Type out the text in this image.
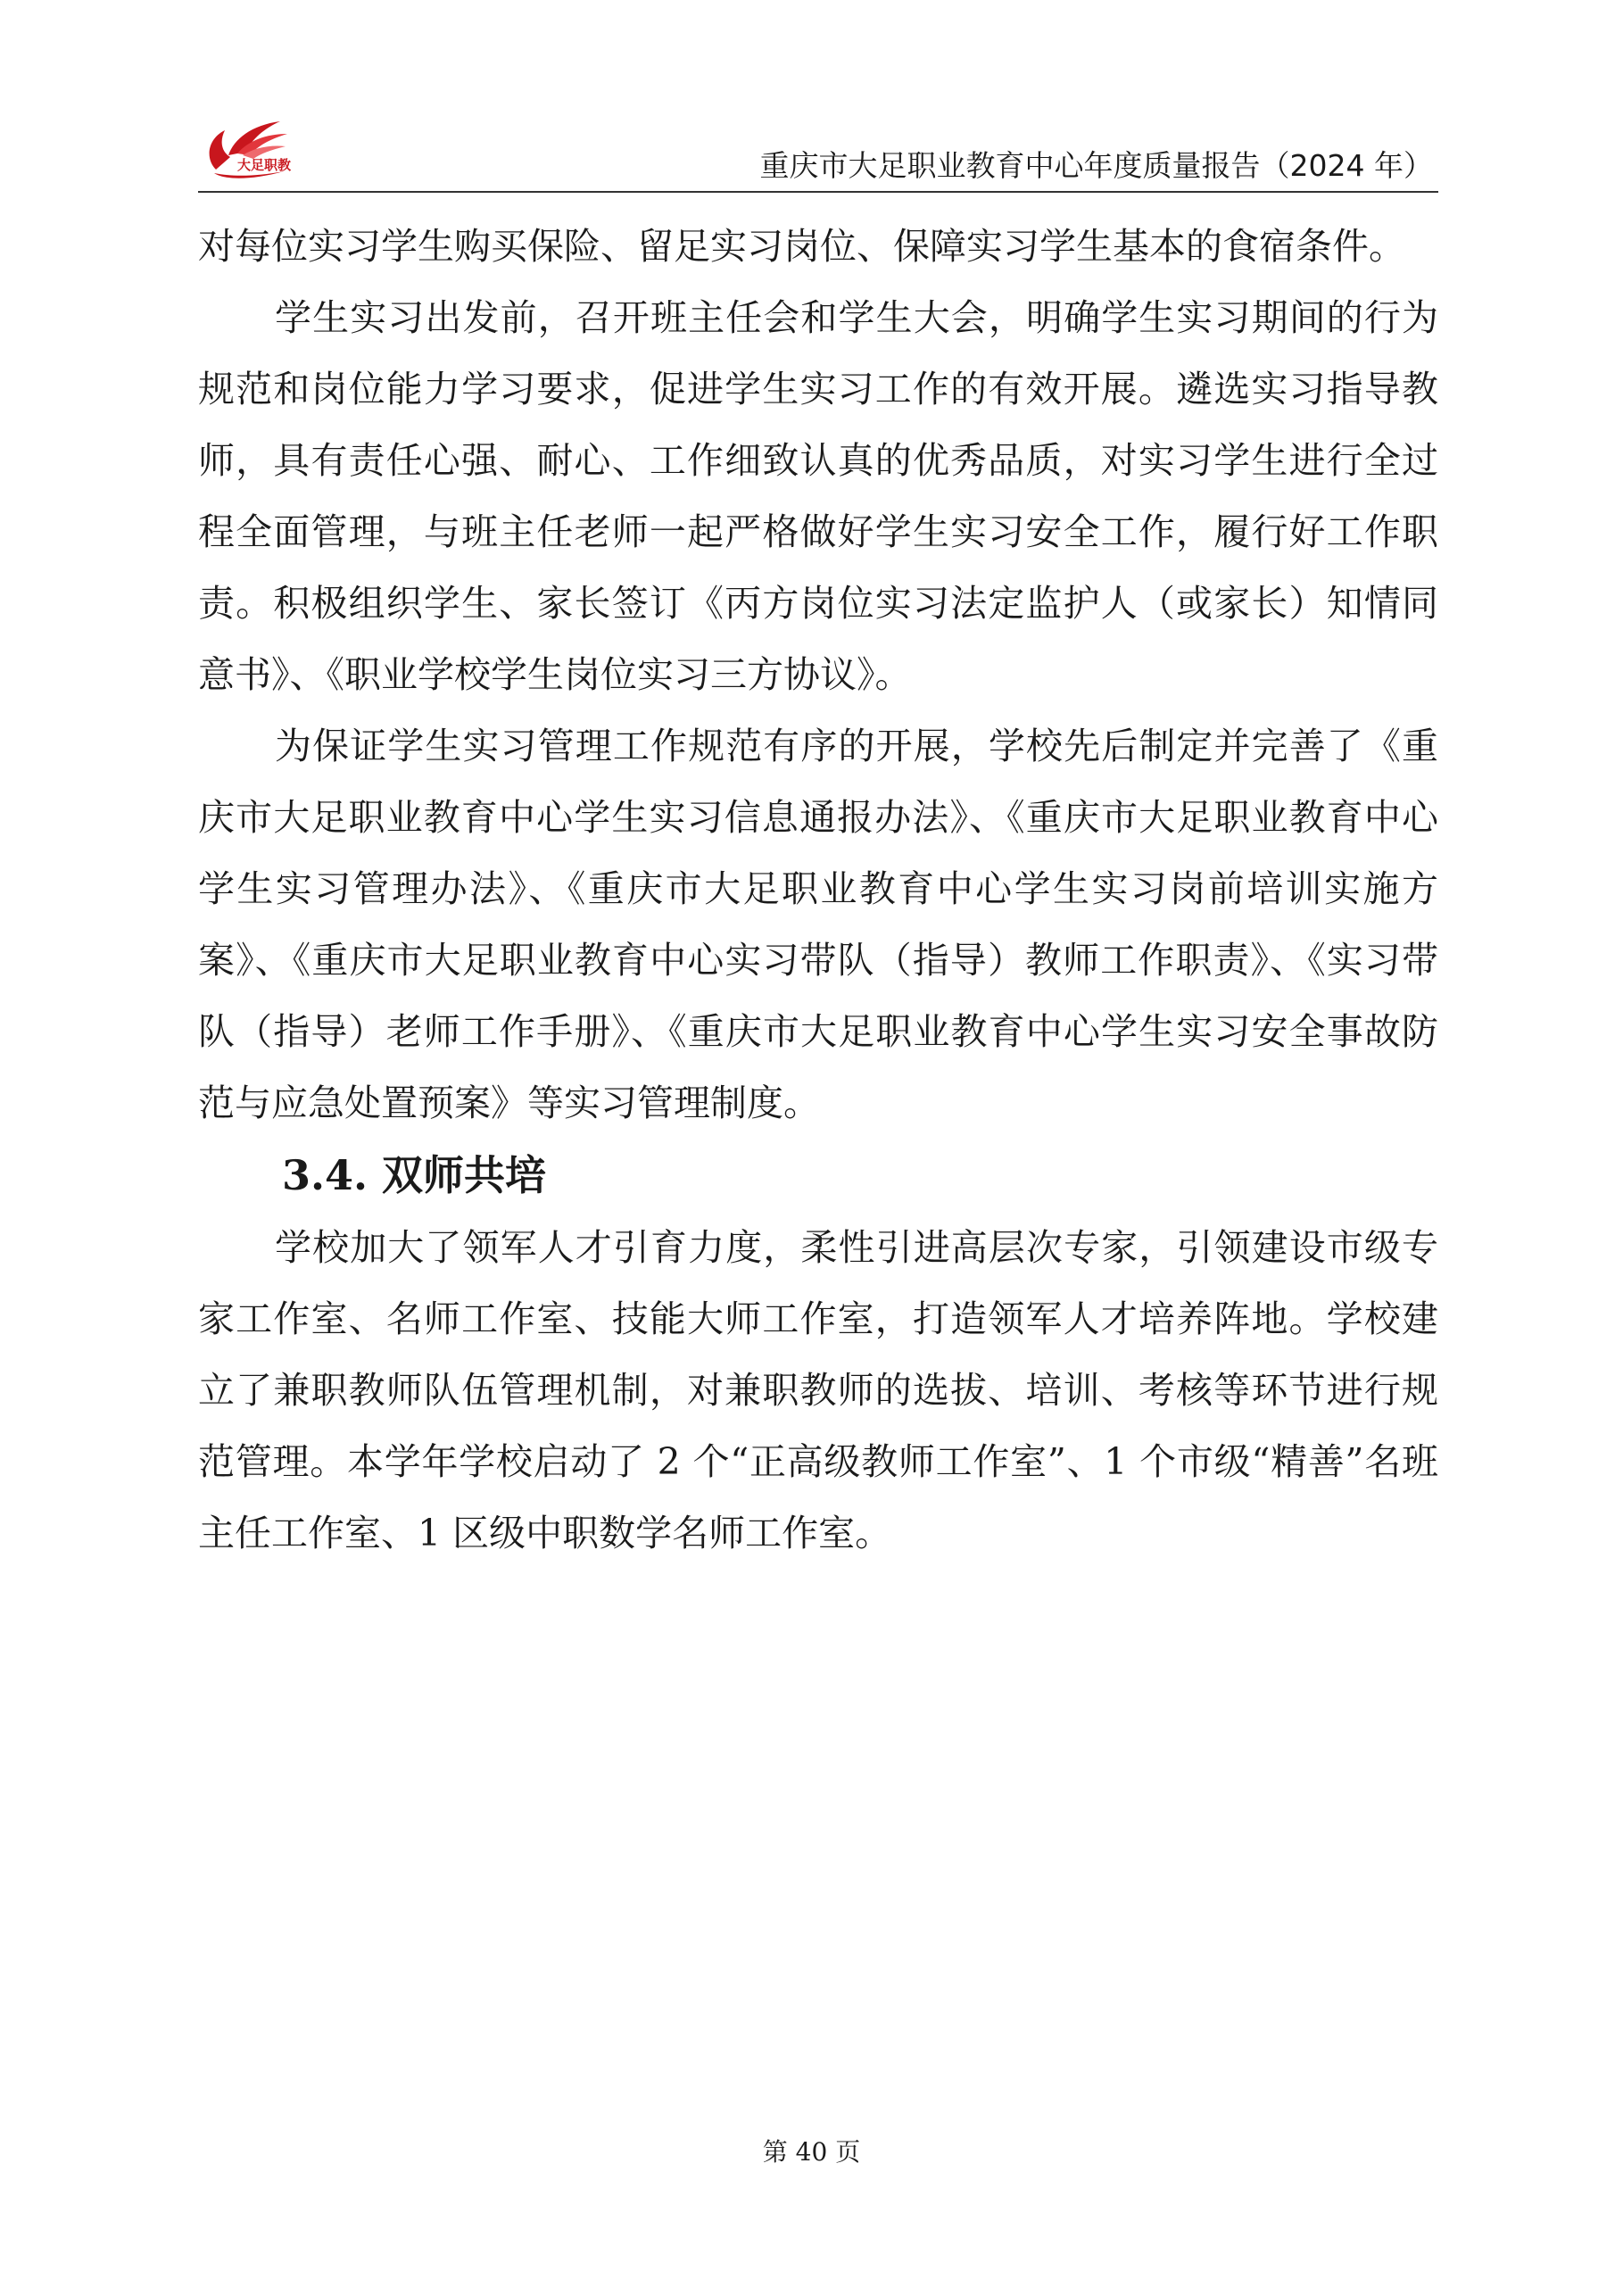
大足职教	重庆市大足职业教育中心年度质量报告（2024 年）

对每位实习学生购买保险、留足实习岗位、保障实习学生基本的食宿条件。

学生实习出发前，召开班主任会和学生大会，明确学生实习期间的行为规范和岗位能力学习要求，促进学生实习工作的有效开展。遴选实习指导教师，具有责任心强、耐心、工作细致认真的优秀品质，对实习学生进行全过程全面管理，与班主任老师一起严格做好学生实习安全工作，履行好工作职责。积极组织学生、家长签订《丙方岗位实习法定监护人（或家长）知情同意书》、《职业学校学生岗位实习三方协议》。

为保证学生实习管理工作规范有序的开展，学校先后制定并完善了《重庆市大足职业教育中心学生实习信息通报办法》、《重庆市大足职业教育中心学生实习管理办法》、《重庆市大足职业教育中心学生实习岗前培训实施方案》、《重庆市大足职业教育中心实习带队（指导）教师工作职责》、《实习带队（指导）老师工作手册》、《重庆市大足职业教育中心学生实习安全事故防范与应急处置预案》等实习管理制度。

3.4. 双师共培

学校加大了领军人才引育力度，柔性引进高层次专家，引领建设市级专家工作室、名师工作室、技能大师工作室，打造领军人才培养阵地。学校建立了兼职教师队伍管理机制，对兼职教师的选拔、培训、考核等环节进行规范管理。本学年学校启动了 2 个“正高级教师工作室”、1 个市级“精善”名班主任工作室、1 区级中职数学名师工作室。

第 40 页
